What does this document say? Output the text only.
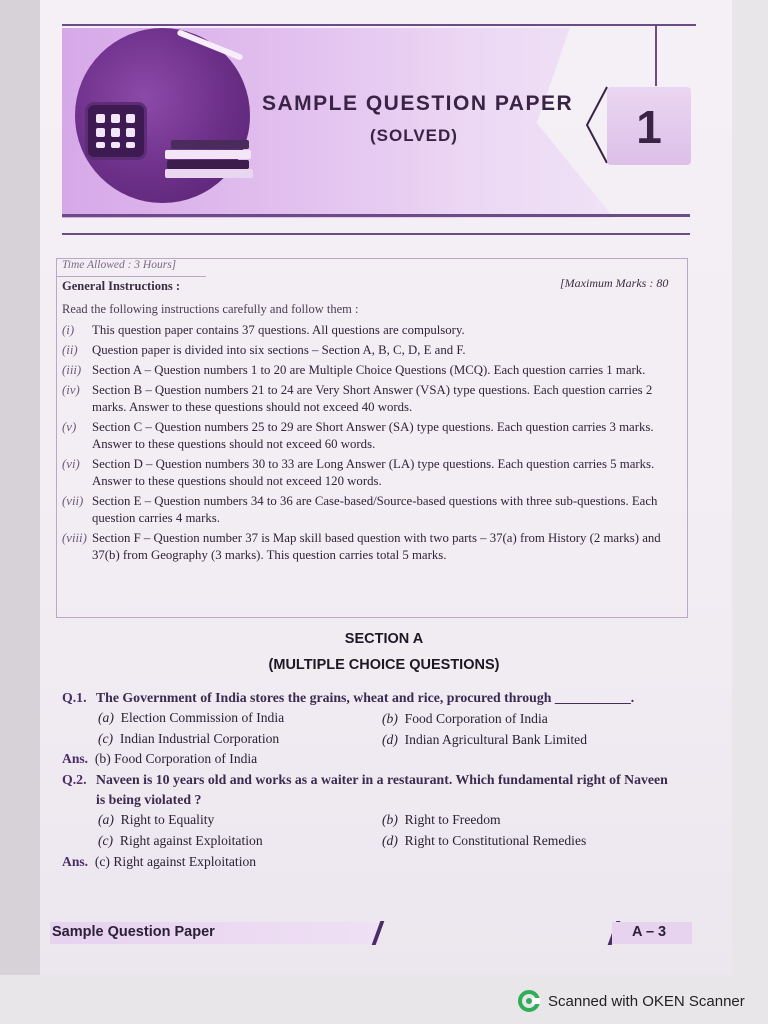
SAMPLE QUESTION PAPER
(SOLVED)	1
Time Allowed : 3 Hours]
General Instructions :	[Maximum Marks : 80
Read the following instructions carefully and follow them :
(i)	This question paper contains 37 questions. All questions are compulsory.
(ii)	Question paper is divided into six sections – Section A, B, C, D, E and F.
(iii) Section A – Question numbers 1 to 20 are Multiple Choice Questions (MCQ). Each question carries 1 mark.
(iv) Section B – Question numbers 21 to 24 are Very Short Answer (VSA) type questions. Each question carries 2 marks. Answer to these questions should not exceed 40 words.
(v)	Section C – Question numbers 25 to 29 are Short Answer (SA) type questions. Each question carries 3 marks. Answer to these questions should not exceed 60 words.
(vi) Section D – Question numbers 30 to 33 are Long Answer (LA) type questions. Each question carries 5 marks. Answer to these questions should not exceed 120 words.
(vii) Section E – Question numbers 34 to 36 are Case-based/Source-based questions with three sub-questions. Each question carries 4 marks.
(viii) Section F – Question number 37 is Map skill based question with two parts – 37(a) from History (2 marks) and 37(b) from Geography (3 marks). This question carries total 5 marks.
SECTION A
(MULTIPLE CHOICE QUESTIONS)
Q.1. The Government of India stores the grains, wheat and rice, procured through ___________.
(a) Election Commission of India	(b) Food Corporation of India
(c) Indian Industrial Corporation	(d) Indian Agricultural Bank Limited
Ans. (b) Food Corporation of India
Q.2. Naveen is 10 years old and works as a waiter in a restaurant. Which fundamental right of Naveen
is being violated ?
(a) Right to Equality	(b) Right to Freedom
(c) Right against Exploitation	(d) Right to Constitutional Remedies
Ans. (c) Right against Exploitation
Sample Question Paper	A – 3
Scanned with OKEN Scanner
